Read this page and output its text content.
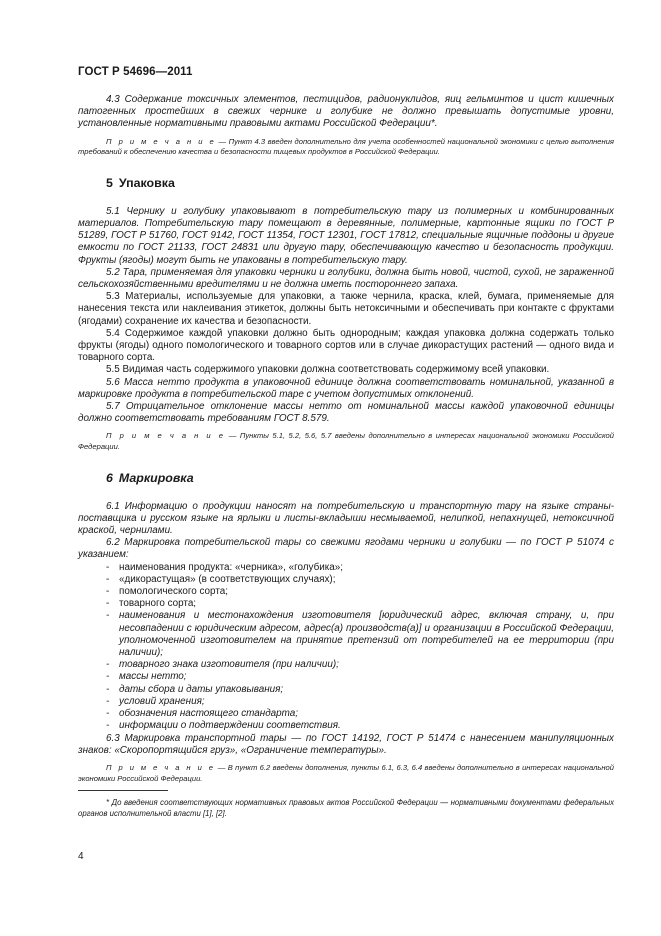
ГОСТ Р 54696—2011

4.3 Содержание токсичных элементов, пестицидов, радионуклидов, яиц гельминтов и цист кишечных патогенных простейших в свежих чернике и голубике не должно превышать допустимые уровни, установленные нормативными правовыми актами Российской Федерации*.

П р и м е ч а н и е — Пункт 4.3 введен дополнительно для учета особенностей национальной экономики с целью выполнения требований к обеспечению качества и безопасности пищевых продуктов в Российской Федерации.

5 Упаковка

5.1 Чернику и голубику упаковывают в потребительскую тару из полимерных и комбинированных материалов. Потребительскую тару помещают в деревянные, полимерные, картонные ящики по ГОСТ Р 51289, ГОСТ Р 51760, ГОСТ 9142, ГОСТ 11354, ГОСТ 12301, ГОСТ 17812, специальные ящичные поддоны и другие емкости по ГОСТ 21133, ГОСТ 24831 или другую тару, обеспечивающую качество и безопасность продукции. Фрукты (ягоды) могут быть не упакованы в потребительскую тару.

5.2 Тара, применяемая для упаковки черники и голубики, должна быть новой, чистой, сухой, не зараженной сельскохозяйственными вредителями и не должна иметь постороннего запаха.

5.3 Материалы, используемые для упаковки, а также чернила, краска, клей, бумага, применяемые для нанесения текста или наклеивания этикеток, должны быть нетоксичными и обеспечивать при контакте с фруктами (ягодами) сохранение их качества и безопасности.

5.4 Содержимое каждой упаковки должно быть однородным; каждая упаковка должна содержать только фрукты (ягоды) одного помологического и товарного сортов или в случае дикорастущих растений — одного вида и товарного сорта.

5.5 Видимая часть содержимого упаковки должна соответствовать содержимому всей упаковки.

5.6 Масса нетто продукта в упаковочной единице должна соответствовать номинальной, указанной в маркировке продукта в потребительской таре с учетом допустимых отклонений.

5.7 Отрицательное отклонение массы нетто от номинальной массы каждой упаковочной единицы должно соответствовать требованиям ГОСТ 8.579.

П р и м е ч а н и е — Пункты 5.1, 5.2, 5.6, 5.7 введены дополнительно в интересах национальной экономики Российской Федерации.

6 Маркировка

6.1 Информацию о продукции наносят на потребительскую и транспортную тару на языке страны-поставщика и русском языке на ярлыки и листы-вкладыши несмываемой, нелипкой, непахнущей, нетоксичной краской, чернилами.

6.2 Маркировка потребительской тары со свежими ягодами черники и голубики — по ГОСТ Р 51074 с указанием:

- наименования продукта: «черника», «голубика»;
- «дикорастущая» (в соответствующих случаях);
- помологического сорта;
- товарного сорта;
- наименования и местонахождения изготовителя [юридический адрес, включая страну, и, при несовпадении с юридическим адресом, адрес(а) производств(а)] и организации в Российской Федерации, уполномоченной изготовителем на принятие претензий от потребителей на ее территории (при наличии);
- товарного знака изготовителя (при наличии);
- массы нетто;
- даты сбора и даты упаковывания;
- условий хранения;
- обозначения настоящего стандарта;
- информации о подтверждении соответствия.

6.3 Маркировка транспортной тары — по ГОСТ 14192, ГОСТ Р 51474 с нанесением манипуляционных знаков: «Скоропортящийся груз», «Ограничение температуры».

П р и м е ч а н и е — В пункт 6.2 введены дополнения, пункты 6.1, 6.3, 6.4 введены дополнительно в интересах национальной экономики Российской Федерации.

* До введения соответствующих нормативных правовых актов Российской Федерации — нормативными документами федеральных органов исполнительной власти [1], [2].

4
